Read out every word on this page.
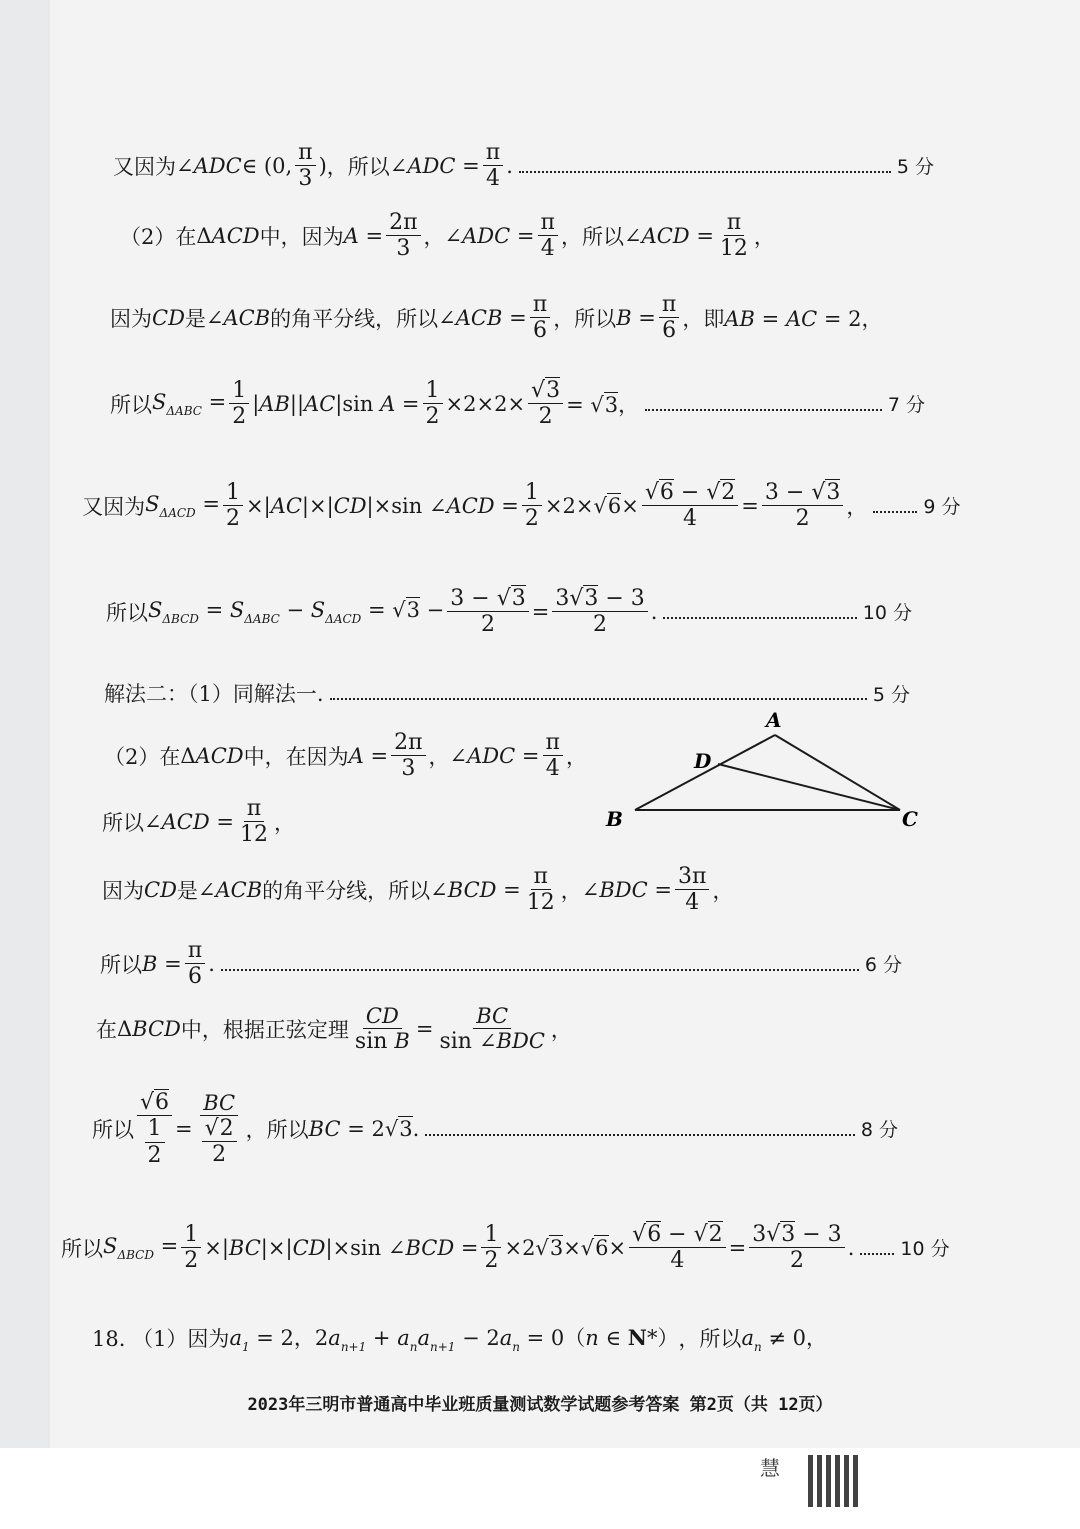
又因为 ∠ADC∈ (0, $\frac{\pi}{3}$ ) ，所以 ∠ADC = $\frac{\pi}{4}$ .	5 分
（2）在 ΔACD 中，因为 $A = \frac{2\pi}{3}$ ， ∠ADC = $\frac{\pi}{4}$ ，所以 ∠ACD = $\frac{\pi}{12}$ ，
因为 CD 是 ∠ACB 的角平分线，所以 ∠ACB = $\frac{\pi}{6}$ ，所以 $B = \frac{\pi}{6}$ ，即 AB = AC = 2，
所以 $S_{\Delta ABC} = \frac{1}{2} |AB||AC|\sin$ $A = \frac{1}{2} \times 2\times 2\times \frac{√3}{2} = √3$，	7 分
又因为 $S_{\Delta ACD} = \frac{1}{2} \times|AC|\times|CD|\times\sin$ ∠ACD = $\frac{1}{2} \times 2\times√6\times \frac{√6 - √2}{4} = \frac{3 - √3}{2}$ ，	9 分
所以 $S_{\Delta BCD} = S_{\Delta ABC} - S_{\Delta ACD} = √3 - \frac{3 - √3}{2} = \frac{3√3 - 3}{2}$ .	10 分
解法二：（1）同解法一.	5 分
（2）在 ΔACD 中，在因为 $A = \frac{2\pi}{3}$ ， ∠ADC = $\frac{\pi}{4}$ ，
所以 ∠ACD = $\frac{\pi}{12}$ ，
A
D
B	C
因为 CD 是 ∠ACB 的角平分线，所以 ∠BCD = $\frac{\pi}{12}$ ， ∠BDC = $\frac{3\pi}{4}$ ，
所以 $B = \frac{\pi}{6}$ .	6 分
在 ΔBCD 中，根据正弦定理 $\frac{CD}{\text{sin B}} = \frac{BC}{\text{sin ∠BDC}}$ ，
所以 $\frac{√6}{\frac{1}{2}} = \frac{BC}{\frac{√2}{2}}$ ，所以 BC = 2√3.	8 分
所以 $S_{\Delta BCD} = \frac{1}{2} \times|BC|\times|CD|\times\sin$ ∠BCD = $\frac{1}{2} \times 2√3\times√6\times \frac{√6 - √2}{4} = \frac{3√3 - 3}{2}$ . 10 分
18. （1）因为 $a_1 = 2$，$2a_{n+1} + a_na_{n+1} - 2a_n = 0(n$ ∈ N*） ，所以 $a_n \ne 0$，
2023年三明市普通高中毕业班质量测试数学试题参考答案 第2页（共 12页）
慧
